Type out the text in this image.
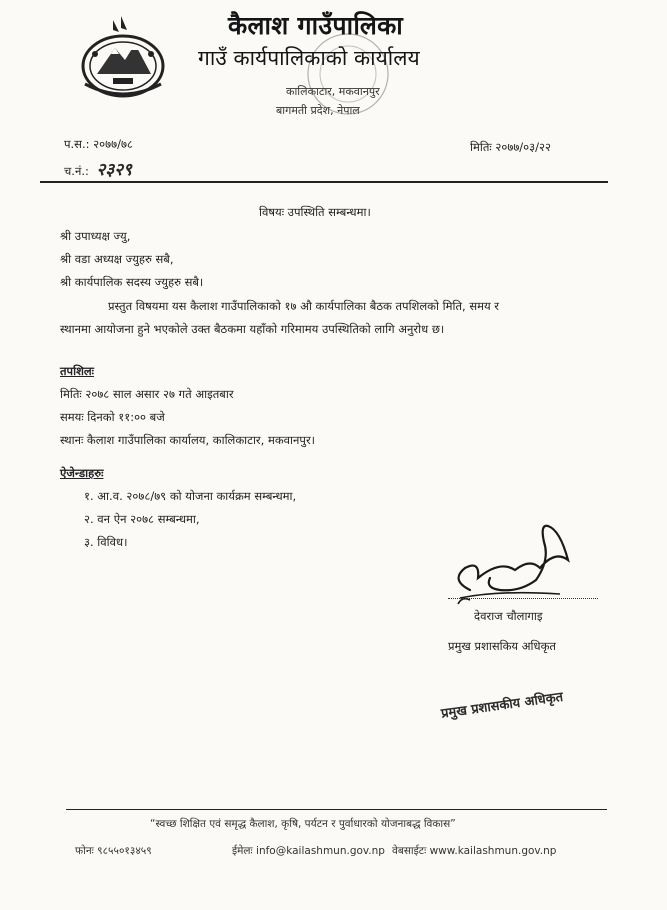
कैलाश गाउँपालिका
गाउँ कार्यपालिकाको कार्यालय
कालिकाटार, मकवानपुर
बागमती प्रदेश, नेपाल
प.स.: २०७७/७८
च.नं.: २३२९
मितिः २०७७/०३/२२
विषयः उपस्थिति सम्बन्धमा।
श्री उपाध्यक्ष ज्यु,
श्री वडा अध्यक्ष ज्युहरु सबै,
श्री कार्यपालिक सदस्य ज्युहरु सबै।
प्रस्तुत विषयमा यस कैलाश गाउँपालिकाको १७ औ कार्यपालिका बैठक तपशिलको मिति, समय र
स्थानमा आयोजना हुने भएकोले उक्त बैठकमा यहाँको गरिमामय उपस्थितिको लागि अनुरोध छ।
तपशिलः
मितिः २०७८ साल असार २७ गते आइतबार
समयः दिनको ११:०० बजे
स्थानः कैलाश गाउँपालिका कार्यालय, कालिकाटार, मकवानपुर।
ऐजेन्डाहरुः
१. आ.व. २०७८/७९ को योजना कार्यक्रम सम्बन्धमा,
२. वन ऐन २०७८ सम्बन्धमा,
३. विविध।
देवराज चौलागाइ
प्रमुख प्रशासकिय अधिकृत
प्रमुख प्रशासकीय अधिकृत
“स्वच्छ शिक्षित एवं समृद्ध कैलाश, कृषि, पर्यटन र पुर्वाधारको योजनाबद्ध विकास”
फोनः ९८५५०१३४५९	ईमेलः info@kailashmun.gov.np वेबसाईटः www.kailashmun.gov.np
